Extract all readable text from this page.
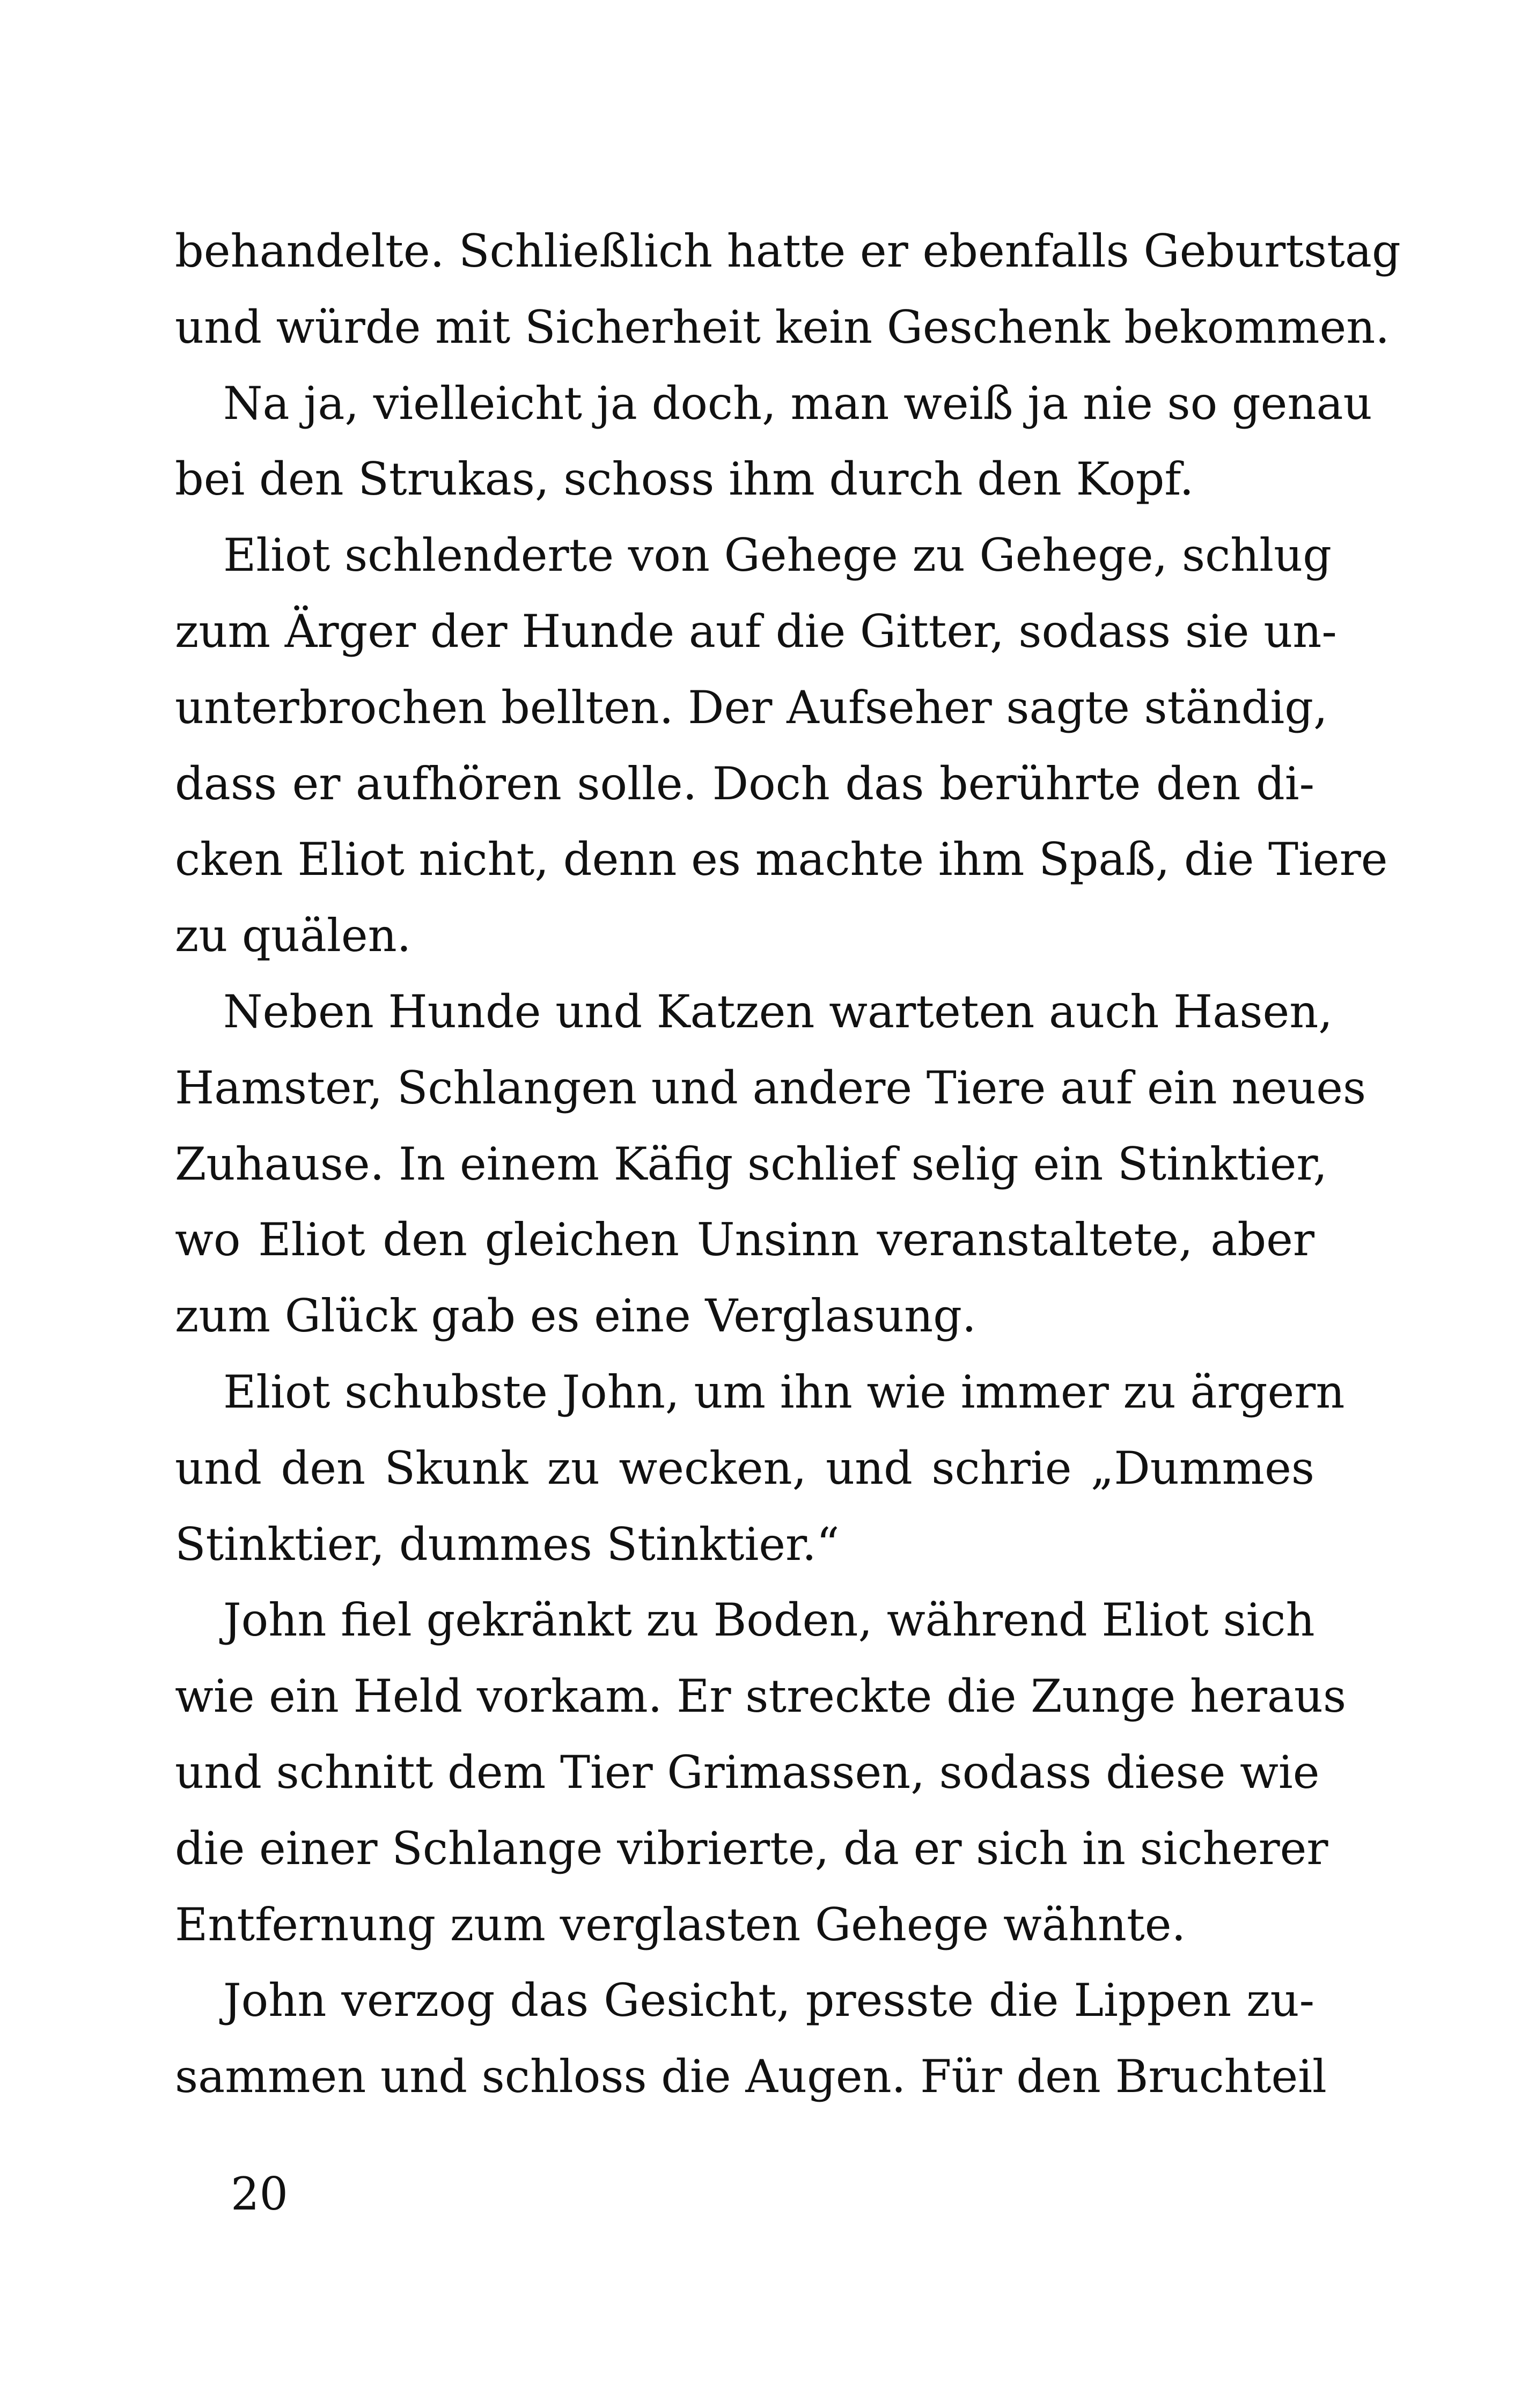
behandelte. Schließlich hatte er ebenfalls Geburtstag
und würde mit Sicherheit kein Geschenk bekommen.
Na ja, vielleicht ja doch, man weiß ja nie so genau
bei den Strukas, schoss ihm durch den Kopf.
Eliot schlenderte von Gehege zu Gehege, schlug
zum Ärger der Hunde auf die Gitter, sodass sie un-
unterbrochen bellten. Der Aufseher sagte ständig,
dass er aufhören solle. Doch das berührte den di-
cken Eliot nicht, denn es machte ihm Spaß, die Tiere
zu quälen.
Neben Hunde und Katzen warteten auch Hasen,
Hamster, Schlangen und andere Tiere auf ein neues
Zuhause. In einem Käfig schlief selig ein Stinktier,
wo Eliot den gleichen Unsinn veranstaltete, aber
zum Glück gab es eine Verglasung.
Eliot schubste John, um ihn wie immer zu ärgern
und den Skunk zu wecken, und schrie „Dummes
Stinktier, dummes Stinktier.“
John fiel gekränkt zu Boden, während Eliot sich
wie ein Held vorkam. Er streckte die Zunge heraus
und schnitt dem Tier Grimassen, sodass diese wie
die einer Schlange vibrierte, da er sich in sicherer
Entfernung zum verglasten Gehege wähnte.
John verzog das Gesicht, presste die Lippen zu-
sammen und schloss die Augen. Für den Bruchteil
20
